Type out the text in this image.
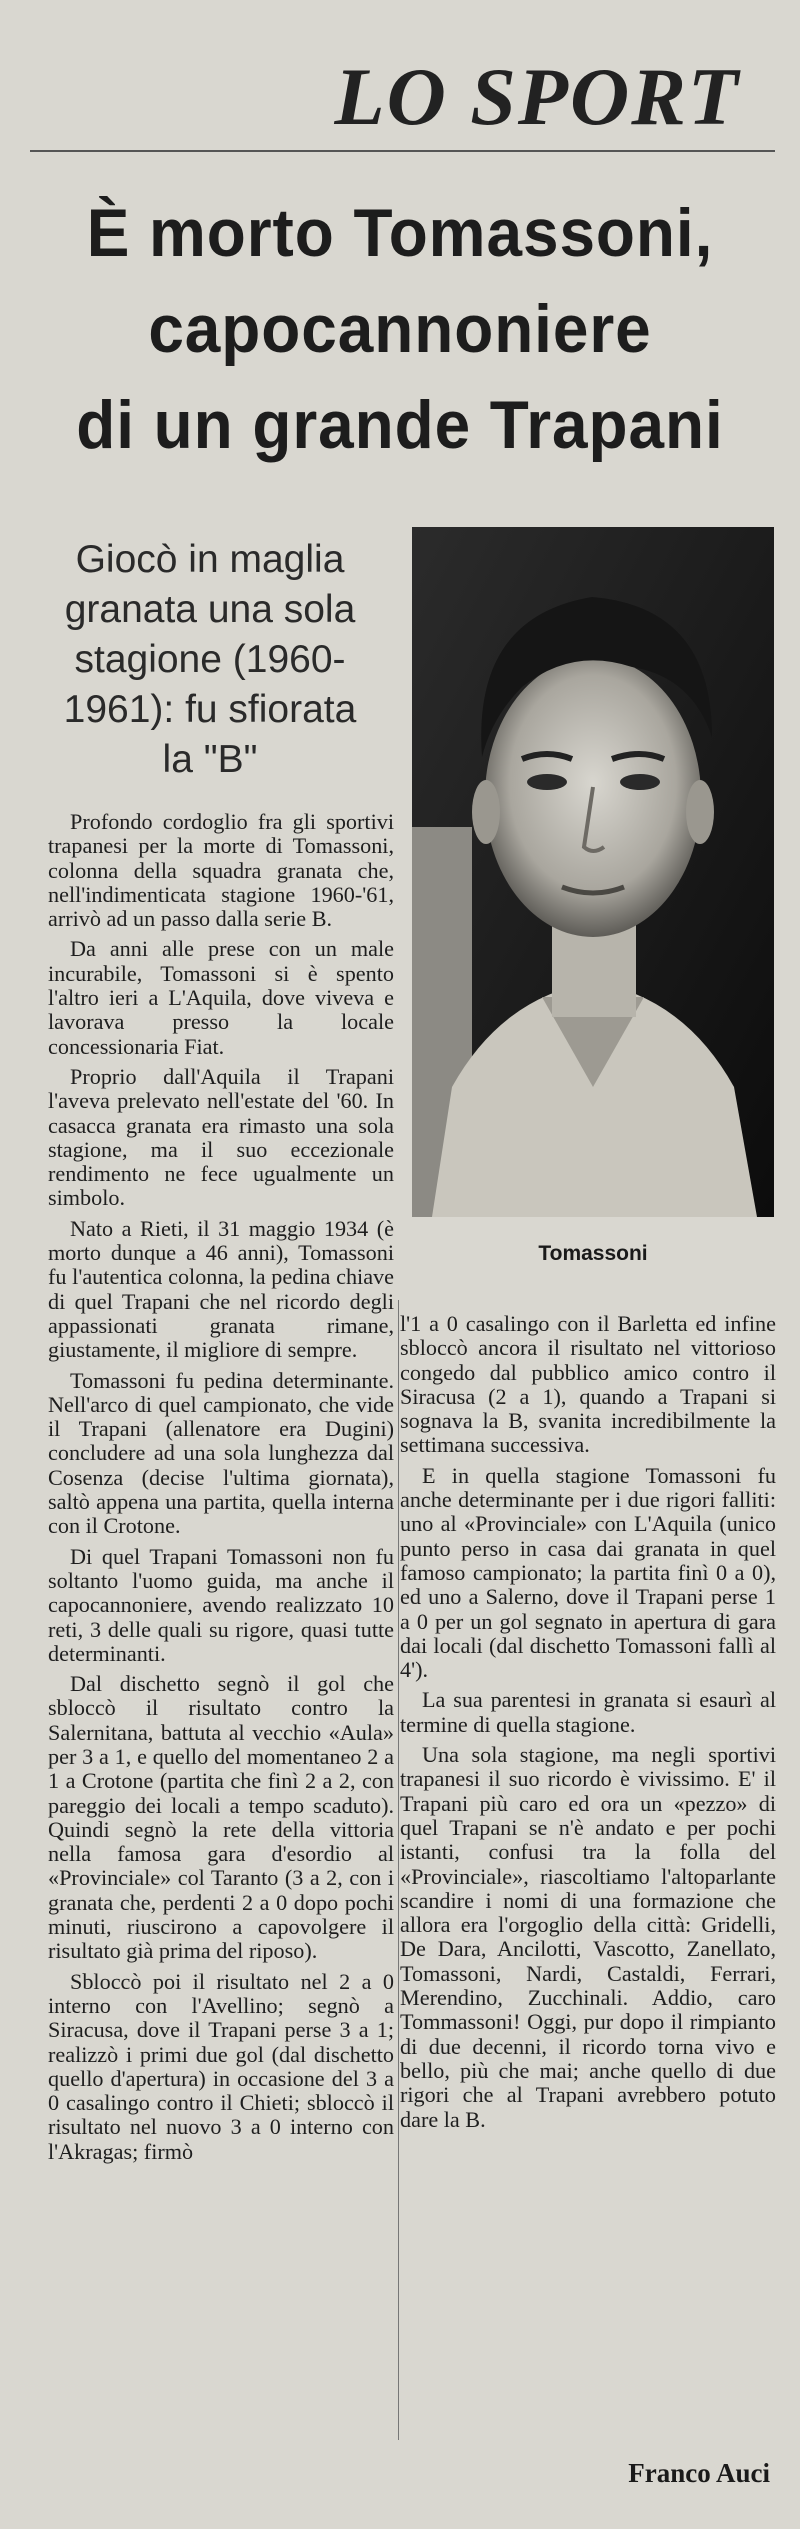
LO SPORT
È morto Tomassoni,
capocannoniere
di un grande Trapani
Giocò in maglia granata una sola stagione (1960-1961): fu sfiorata la "B"
Tomassoni

Profondo cordoglio fra gli sportivi trapanesi per la morte di Tomassoni, colonna della squadra granata che, nell'indimenticata stagione 1960-'61, arrivò ad un passo dalla serie B.

Da anni alle prese con un male incurabile, Tomassoni si è spento l'altro ieri a L'Aquila, dove viveva e lavorava presso la locale concessionaria Fiat.

Proprio dall'Aquila il Trapani l'aveva prelevato nell'estate del '60. In casacca granata era rimasto una sola stagione, ma il suo eccezionale rendimento ne fece ugualmente un simbolo.

Nato a Rieti, il 31 maggio 1934 (è morto dunque a 46 anni), Tomassoni fu l'autentica colonna, la pedina chiave di quel Trapani che nel ricordo degli appassionati granata rimane, giustamente, il migliore di sempre.

Tomassoni fu pedina determinante. Nell'arco di quel campionato, che vide il Trapani (allenatore era Dugini) concludere ad una sola lunghezza dal Cosenza (decise l'ultima giornata), saltò appena una partita, quella interna con il Crotone.

Di quel Trapani Tomassoni non fu soltanto l'uomo guida, ma anche il capocannoniere, avendo realizzato 10 reti, 3 delle quali su rigore, quasi tutte determinanti.

Dal dischetto segnò il gol che sbloccò il risultato contro la Salernitana, battuta al vecchio «Aula» per 3 a 1, e quello del momentaneo 2 a 1 a Crotone (partita che finì 2 a 2, con pareggio dei locali a tempo scaduto). Quindi segnò la rete della vittoria nella famosa gara d'esordio al «Provinciale» col Taranto (3 a 2, con i granata che, perdenti 2 a 0 dopo pochi minuti, riuscirono a capovolgere il risultato già prima del riposo).

Sbloccò poi il risultato nel 2 a 0 interno con l'Avellino; segnò a Siracusa, dove il Trapani perse 3 a 1; realizzò i primi due gol (dal dischetto quello d'apertura) in occasione del 3 a 0 casalingo contro il Chieti; sbloccò il risultato nel nuovo 3 a 0 interno con l'Akragas; firmò

l'1 a 0 casalingo con il Barletta ed infine sbloccò ancora il risultato nel vittorioso congedo dal pubblico amico contro il Siracusa (2 a 1), quando a Trapani si sognava la B, svanita incredibilmente la settimana successiva.

E in quella stagione Tomassoni fu anche determinante per i due rigori falliti: uno al «Provinciale» con L'Aquila (unico punto perso in casa dai granata in quel famoso campionato; la partita finì 0 a 0), ed uno a Salerno, dove il Trapani perse 1 a 0 per un gol segnato in apertura di gara dai locali (dal dischetto Tomassoni fallì al 4').

La sua parentesi in granata si esaurì al termine di quella stagione.

Una sola stagione, ma negli sportivi trapanesi il suo ricordo è vivissimo. E' il Trapani più caro ed ora un «pezzo» di quel Trapani se n'è andato e per pochi istanti, confusi tra la folla del «Provinciale», riascoltiamo l'altoparlante scandire i nomi di una formazione che allora era l'orgoglio della città: Gridelli, De Dara, Ancilotti, Vascotto, Zanellato, Tomassoni, Nardi, Castaldi, Ferrari, Merendino, Zucchinali. Addio, caro Tommassoni! Oggi, pur dopo il rimpianto di due decenni, il ricordo torna vivo e bello, più che mai; anche quello di due rigori che al Trapani avrebbero potuto dare la B.

Franco Auci
